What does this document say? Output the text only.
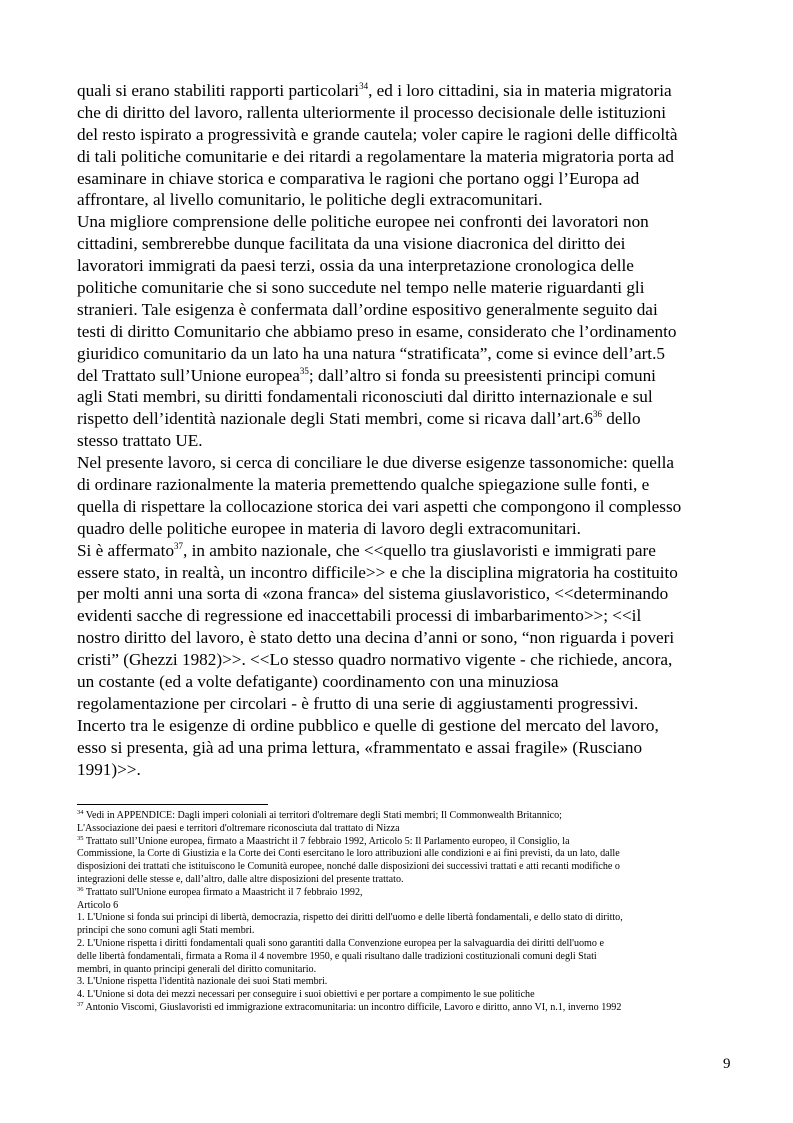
quali si erano stabiliti rapporti particolari$^{34}$, ed i loro cittadini, sia in materia migratoria
che di diritto del lavoro, rallenta ulteriormente il processo decisionale delle istituzioni
del resto ispirato a progressività e grande cautela; voler capire le ragioni delle difficoltà
di tali politiche comunitarie e dei ritardi a regolamentare la materia migratoria porta ad
esaminare in chiave storica e comparativa le ragioni che portano oggi l’Europa ad
affrontare, al livello comunitario, le politiche degli extracomunitari.
Una migliore comprensione delle politiche europee nei confronti dei lavoratori non
cittadini, sembrerebbe dunque facilitata da una visione diacronica del diritto dei
lavoratori immigrati da paesi terzi, ossia da una interpretazione cronologica delle
politiche comunitarie che si sono succedute nel tempo nelle materie riguardanti gli
stranieri. Tale esigenza è confermata dall’ordine espositivo generalmente seguito dai
testi di diritto Comunitario che abbiamo preso in esame, considerato che l’ordinamento
giuridico comunitario da un lato ha una natura “stratificata”, come si evince dell’art.5
del Trattato sull’Unione europea$^{35}$; dall’altro si fonda su preesistenti principi comuni
agli Stati membri, su diritti fondamentali riconosciuti dal diritto internazionale e sul
rispetto dell’identità nazionale degli Stati membri, come si ricava $dall’art.6^{36}$ dello
stesso trattato UE.
Nel presente lavoro, si cerca di conciliare le due diverse esigenze tassonomiche: quella
di ordinare razionalmente la materia premettendo qualche spiegazione sulle fonti, e
quella di rispettare la collocazione storica dei vari aspetti che compongono il complesso
quadro delle politiche europee in materia di lavoro degli extracomunitari.
Si è affermato$^{37}$, in ambito nazionale, che <<quello tra giuslavoristi e immigrati pare
essere stato, in realtà, un incontro difficile>> e che la disciplina migratoria ha costituito
per molti anni una sorta di «zona franca» del sistema giuslavoristico, <<determinando
evidenti sacche di regressione ed inaccettabili processi di imbarbarimento>>; <<il
nostro diritto del lavoro, è stato detto una decina d’anni or sono, “non riguarda i poveri
cristi” (Ghezzi 1982)>>. <<Lo stesso quadro normativo vigente - che richiede, ancora,
un costante (ed a volte defatigante) coordinamento con una minuziosa
regolamentazione per circolari - è frutto di una serie di aggiustamenti progressivi.
Incerto tra le esigenze di ordine pubblico e quelle di gestione del mercato del lavoro,
esso si presenta, già ad una prima lettura, «frammentato e assai fragile» (Rusciano
1991)>>.
$^{34}$ Vedi in APPENDICE: Dagli imperi coloniali ai territori d'oltremare degli Stati membri; Il Commonwealth Britannico;
L'Associazione dei paesi e territori d'oltremare riconosciuta dal trattato di Nizza
$^{35}$ Trattato sull’Unione europea, firmato a Maastricht il 7 febbraio 1992, Articolo 5: Il Parlamento europeo, il Consiglio, la
Commissione, la Corte di Giustizia e la Corte dei Conti esercitano le loro attribuzioni alle condizioni e ai fini previsti, da un lato, dalle
disposizioni dei trattati che istituiscono le Comunità europee, nonché dalle disposizioni dei successivi trattati e atti recanti modifiche o
integrazioni delle stesse e, dall’altro, dalle altre disposizioni del presente trattato.
$^{36}$ Trattato sull'Unione europea firmato a Maastricht il 7 febbraio 1992,
Articolo 6
1. L'Unione si fonda sui principi di libertà, democrazia, rispetto dei diritti dell'uomo e delle libertà fondamentali, e dello stato di diritto,
principi che sono comuni agli Stati membri.
2. L'Unione rispetta i diritti fondamentali quali sono garantiti dalla Convenzione europea per la salvaguardia dei diritti dell'uomo e
delle libertà fondamentali, firmata a Roma il 4 novembre 1950, e quali risultano dalle tradizioni costituzionali comuni degli Stati
membri, in quanto principi generali del diritto comunitario.
3. L'Unione rispetta l'identità nazionale dei suoi Stati membri.
4. L'Unione si dota dei mezzi necessari per conseguire i suoi obiettivi e per portare a compimento le sue politiche
$^{37}$ Antonio Viscomi, Giuslavoristi ed immigrazione extracomunitaria: un incontro difficile, Lavoro e diritto, anno VI, n.1, inverno 1992
9
